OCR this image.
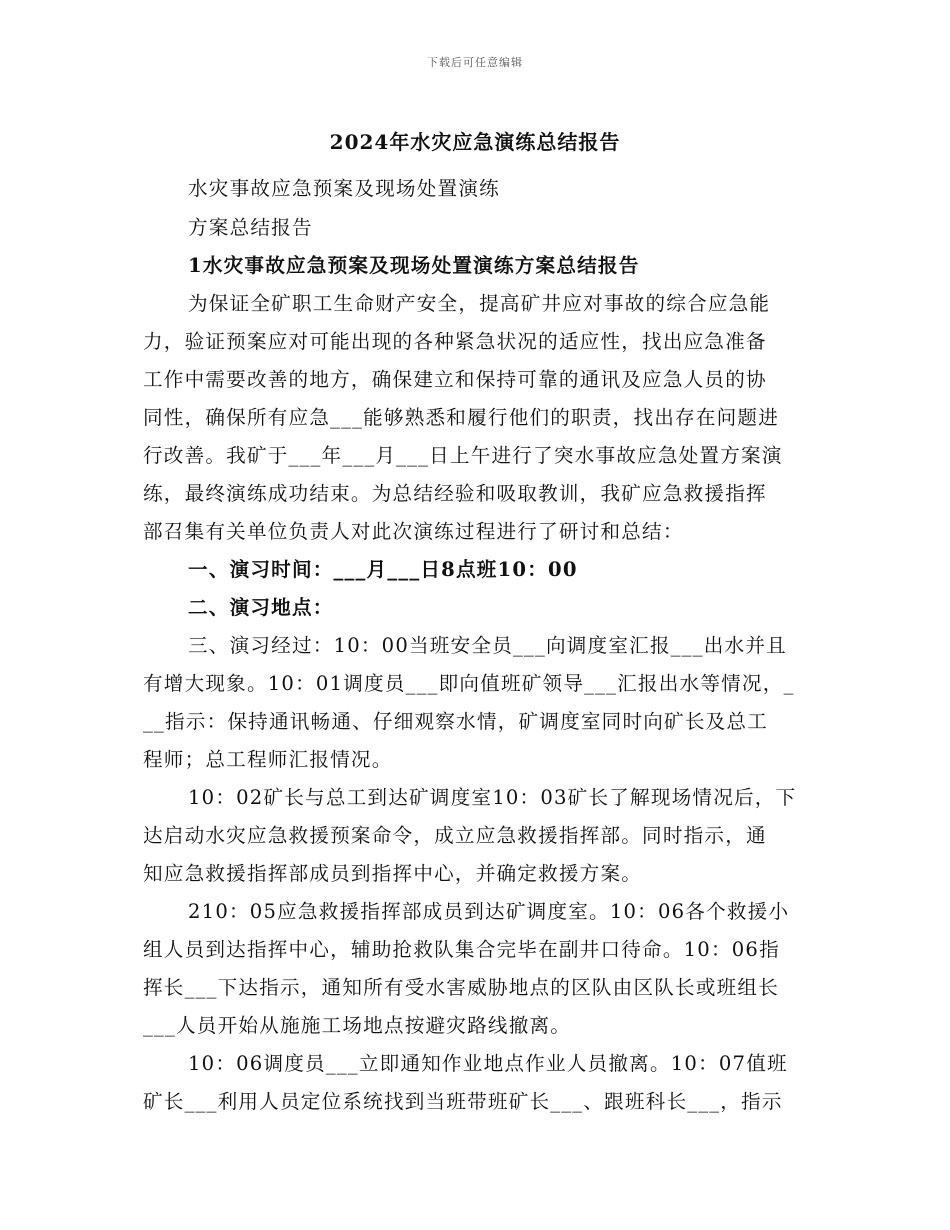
下载后可任意编辑
2024年水灾应急演练总结报告
水灾事故应急预案及现场处置演练
方案总结报告
1水灾事故应急预案及现场处置演练方案总结报告
为保证全矿职工生命财产安全，提高矿井应对事故的综合应急能
力，验证预案应对可能出现的各种紧急状况的适应性，找出应急准备
工作中需要改善的地方，确保建立和保持可靠的通讯及应急人员的协
同性，确保所有应急___能够熟悉和履行他们的职责，找出存在问题进
行改善。我矿于___年___月___日上午进行了突水事故应急处置方案演
练，最终演练成功结束。为总结经验和吸取教训，我矿应急救援指挥
部召集有关单位负责人对此次演练过程进行了研讨和总结：
一、演习时间：___月___日8点班10：00
二、演习地点：
三、演习经过：10：00当班安全员___向调度室汇报___出水并且
有增大现象。10：01调度员___即向值班矿领导___汇报出水等情况，_
__指示：保持通讯畅通、仔细观察水情，矿调度室同时向矿长及总工
程师；总工程师汇报情况。
10：02矿长与总工到达矿调度室10：03矿长了解现场情况后，下
达启动水灾应急救援预案命令，成立应急救援指挥部。同时指示，通
知应急救援指挥部成员到指挥中心，并确定救援方案。
210：05应急救援指挥部成员到达矿调度室。10：06各个救援小
组人员到达指挥中心，辅助抢救队集合完毕在副井口待命。10：06指
挥长___下达指示，通知所有受水害威胁地点的区队由区队长或班组长
___人员开始从施施工场地点按避灾路线撤离。
10：06调度员___立即通知作业地点作业人员撤离。10：07值班
矿长___利用人员定位系统找到当班带班矿长___、跟班科长___，指示
